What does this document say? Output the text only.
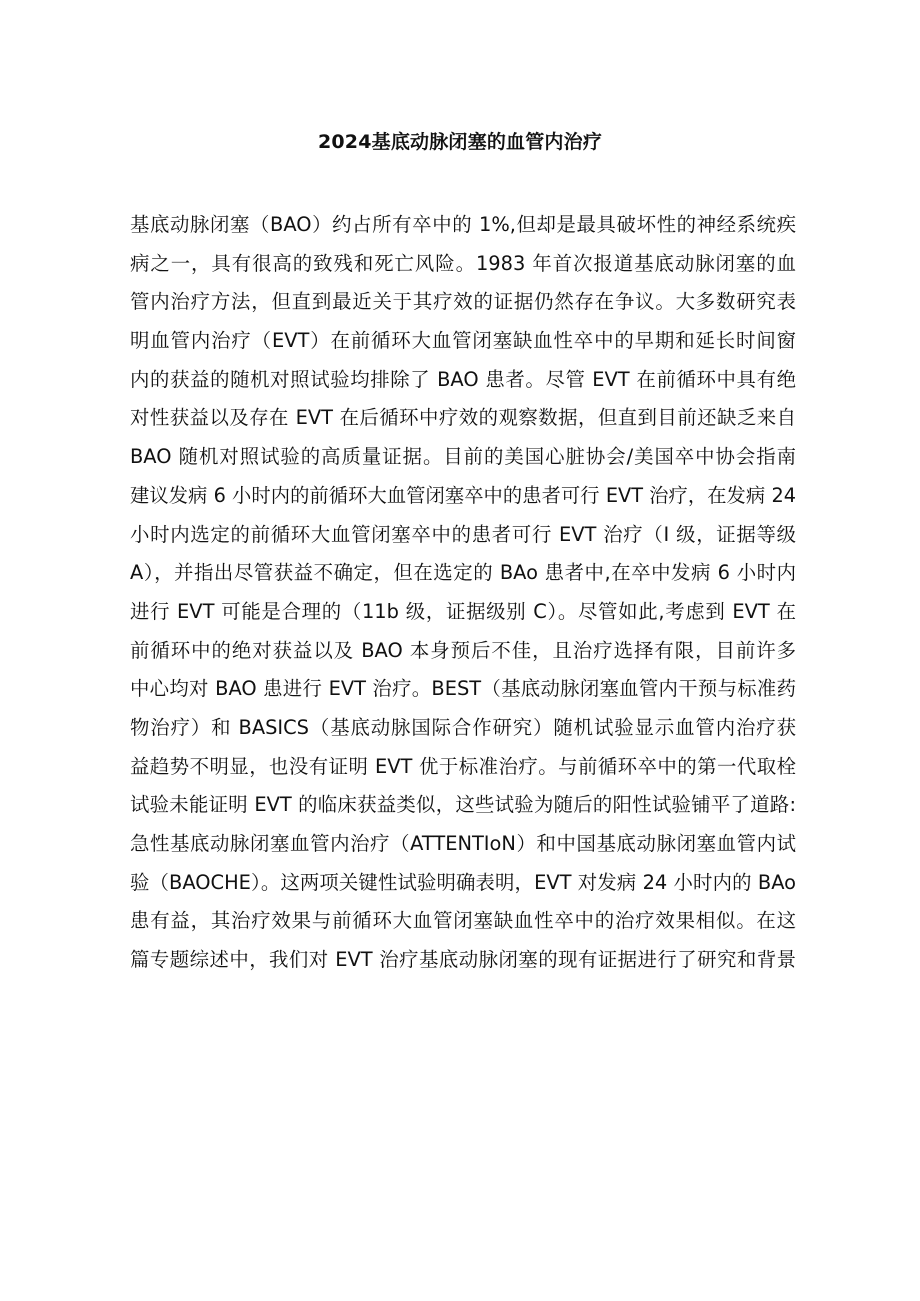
2024基底动脉闭塞的血管内治疗
基底动脉闭塞（BAO）约占所有卒中的 1%,但却是最具破坏性的神经系统疾
病之一，具有很高的致残和死亡风险。1983 年首次报道基底动脉闭塞的血
管内治疗方法，但直到最近关于其疗效的证据仍然存在争议。大多数研究表
明血管内治疗（EVT）在前循环大血管闭塞缺血性卒中的早期和延长时间窗
内的获益的随机对照试验均排除了 BAO 患者。尽管 EVT 在前循环中具有绝
对性获益以及存在 EVT 在后循环中疗效的观察数据，但直到目前还缺乏来自
BAO 随机对照试验的高质量证据。目前的美国心脏协会/美国卒中协会指南
建议发病 6 小时内的前循环大血管闭塞卒中的患者可行 EVT 治疗，在发病 24
小时内选定的前循环大血管闭塞卒中的患者可行 EVT 治疗（I 级，证据等级
A），并指出尽管获益不确定，但在选定的 BAo 患者中,在卒中发病 6 小时内
进行 EVT 可能是合理的（11b 级，证据级别 C）。尽管如此,考虑到 EVT 在
前循环中的绝对获益以及 BAO 本身预后不佳，且治疗选择有限，目前许多
中心均对 BAO 患进行 EVT 治疗。BEST（基底动脉闭塞血管内干预与标准药
物治疗）和 BASICS（基底动脉国际合作研究）随机试验显示血管内治疗获
益趋势不明显，也没有证明 EVT 优于标准治疗。与前循环卒中的第一代取栓
试验未能证明 EVT 的临床获益类似，这些试验为随后的阳性试验铺平了道路:
急性基底动脉闭塞血管内治疗（ATTENTIoN）和中国基底动脉闭塞血管内试
验（BAOCHE）。这两项关键性试验明确表明，EVT 对发病 24 小时内的 BAo
患有益，其治疗效果与前循环大血管闭塞缺血性卒中的治疗效果相似。在这
篇专题综述中，我们对 EVT 治疗基底动脉闭塞的现有证据进行了研究和背景
